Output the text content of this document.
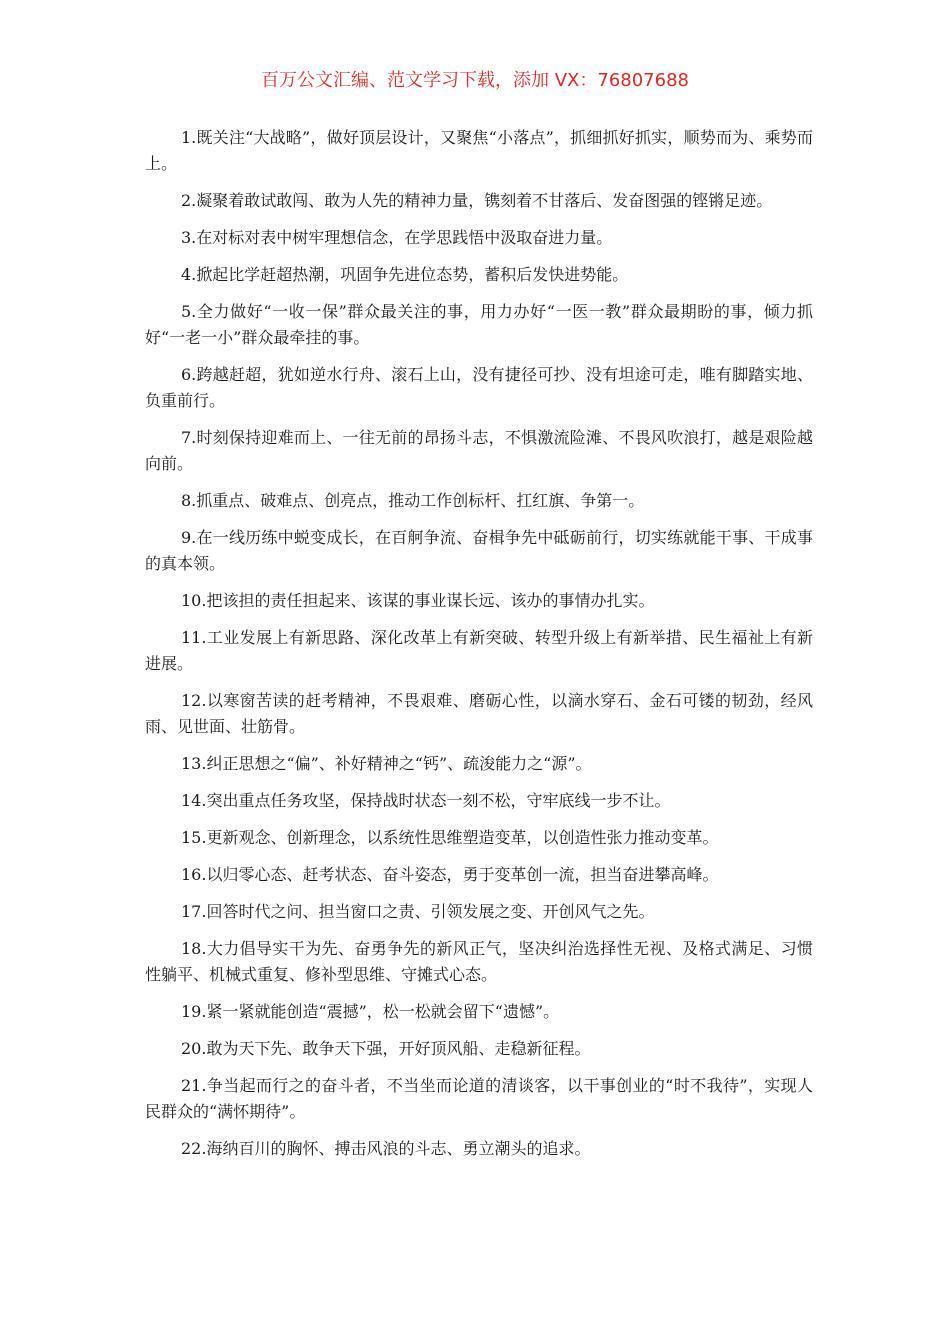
百万公文汇编、范文学习下载，添加 VX：76807688

1.既关注“大战略”，做好顶层设计，又聚焦“小落点”，抓细抓好抓实，顺势而为、乘势而上。

2.凝聚着敢试敢闯、敢为人先的精神力量，镌刻着不甘落后、发奋图强的铿锵足迹。

3.在对标对表中树牢理想信念，在学思践悟中汲取奋进力量。

4.掀起比学赶超热潮，巩固争先进位态势，蓄积后发快进势能。

5.全力做好“一收一保”群众最关注的事，用力办好“一医一教”群众最期盼的事，倾力抓好“一老一小”群众最牵挂的事。

6.跨越赶超，犹如逆水行舟、滚石上山，没有捷径可抄、没有坦途可走，唯有脚踏实地、负重前行。

7.时刻保持迎难而上、一往无前的昂扬斗志，不惧激流险滩、不畏风吹浪打，越是艰险越向前。

8.抓重点、破难点、创亮点，推动工作创标杆、扛红旗、争第一。

9.在一线历练中蜕变成长，在百舸争流、奋楫争先中砥砺前行，切实练就能干事、干成事的真本领。

10.把该担的责任担起来、该谋的事业谋长远、该办的事情办扎实。

11.工业发展上有新思路、深化改革上有新突破、转型升级上有新举措、民生福祉上有新进展。

12.以寒窗苦读的赶考精神，不畏艰难、磨砺心性，以滴水穿石、金石可镂的韧劲，经风雨、见世面、壮筋骨。

13.纠正思想之“偏”、补好精神之“钙”、疏浚能力之“源”。

14.突出重点任务攻坚，保持战时状态一刻不松，守牢底线一步不让。

15.更新观念、创新理念，以系统性思维塑造变革，以创造性张力推动变革。

16.以归零心态、赶考状态、奋斗姿态，勇于变革创一流，担当奋进攀高峰。

17.回答时代之问、担当窗口之责、引领发展之变、开创风气之先。

18.大力倡导实干为先、奋勇争先的新风正气，坚决纠治选择性无视、及格式满足、习惯性躺平、机械式重复、修补型思维、守摊式心态。

19.紧一紧就能创造“震撼”，松一松就会留下“遗憾”。

20.敢为天下先、敢争天下强，开好顶风船、走稳新征程。

21.争当起而行之的奋斗者，不当坐而论道的清谈客，以干事创业的“时不我待”，实现人民群众的“满怀期待”。

22.海纳百川的胸怀、搏击风浪的斗志、勇立潮头的追求。
